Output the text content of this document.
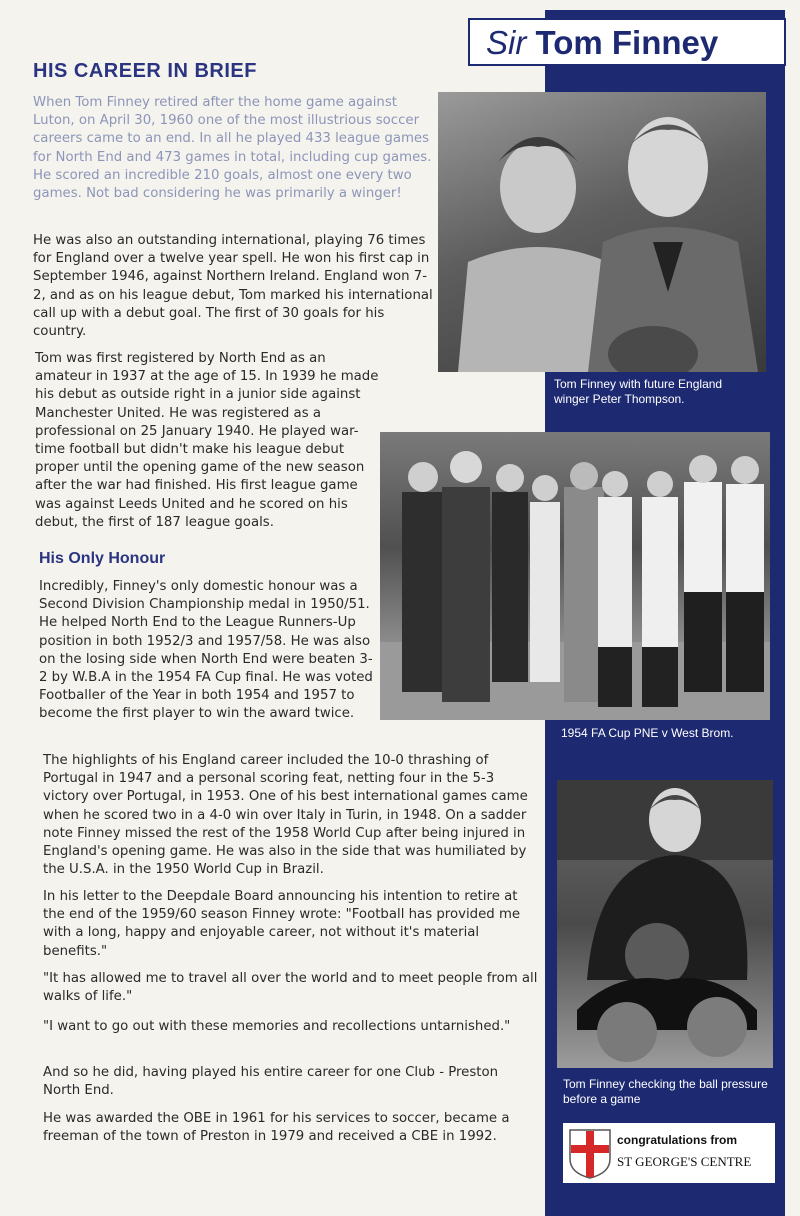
Sir Tom Finney
HIS CAREER IN BRIEF

When Tom Finney retired after the home game against Luton, on April 30, 1960 one of the most illustrious soccer careers came to an end. In all he played 433 league games for North End and 473 games in total, including cup games. He scored an incredible 210 goals, almost one every two games. Not bad considering he was primarily a winger!

He was also an outstanding international, playing 76 times for England over a twelve year spell. He won his first cap in September 1946, against Northern Ireland. England won 7-2, and as on his league debut, Tom marked his international call up with a debut goal. The first of 30 goals for his country.

Tom was first registered by North End as an amateur in 1937 at the age of 15. In 1939 he made his debut as outside right in a junior side against Manchester United. He was registered as a professional on 25 January 1940. He played war-time football but didn't make his league debut proper until the opening game of the new season after the war had finished. His first league game was against Leeds United and he scored on his debut, the first of 187 league goals.

His Only Honour

Incredibly, Finney's only domestic honour was a Second Division Championship medal in 1950/51. He helped North End to the League Runners-Up position in both 1952/3 and 1957/58. He was also on the losing side when North End were beaten 3-2 by W.B.A in the 1954 FA Cup final. He was voted Footballer of the Year in both 1954 and 1957 to become the first player to win the award twice.

The highlights of his England career included the 10-0 thrashing of Portugal in 1947 and a personal scoring feat, netting four in the 5-3 victory over Portugal, in 1953. One of his best international games came when he scored two in a 4-0 win over Italy in Turin, in 1948. On a sadder note Finney missed the rest of the 1958 World Cup after being injured in England's opening game. He was also in the side that was humiliated by the U.S.A. in the 1950 World Cup in Brazil.

In his letter to the Deepdale Board announcing his intention to retire at the end of the 1959/60 season Finney wrote: "Football has provided me with a long, happy and enjoyable career, not without it's material benefits."

"It has allowed me to travel all over the world and to meet people from all walks of life."

"I want to go out with these memories and recollections untarnished."

And so he did, having played his entire career for one Club - Preston North End.

He was awarded the OBE in 1961 for his services to soccer, became a freeman of the town of Preston in 1979 and received a CBE in 1992.

Tom Finney with future England winger Peter Thompson.
1954 FA Cup PNE v West Brom.
Tom Finney checking the ball pressure before a game
congratulations from
ST GEORGE'S CENTRE
